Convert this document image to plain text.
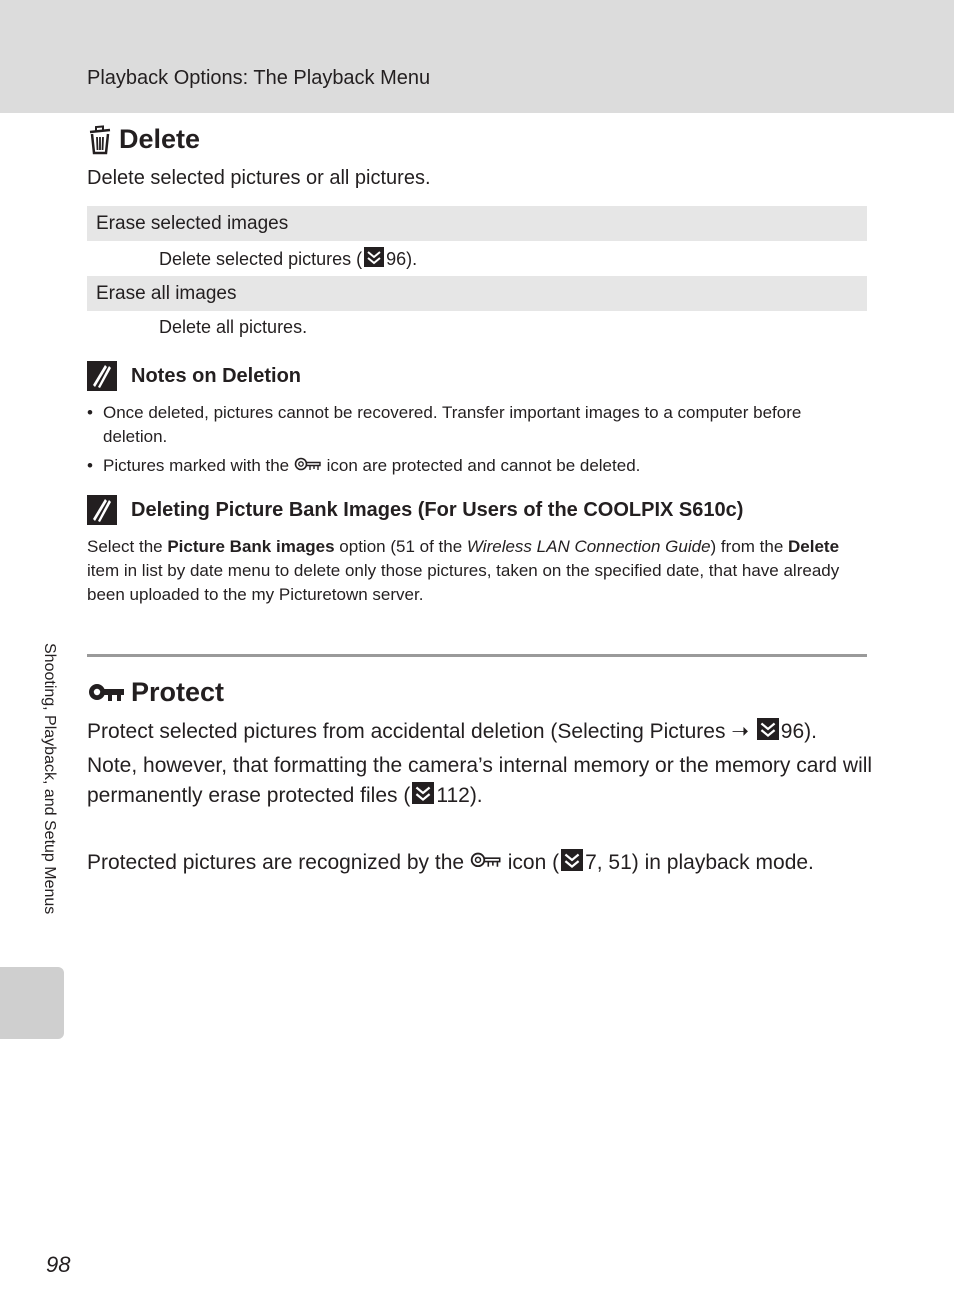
Playback Options: The Playback Menu
Delete
Delete selected pictures or all pictures.
Erase selected images
Delete selected pictures ( 96).
Erase all images
Delete all pictures.
Notes on Deletion
• Once deleted, pictures cannot be recovered. Transfer important images to a computer before deletion.
• Pictures marked with the  icon are protected and cannot be deleted.
Deleting Picture Bank Images (For Users of the COOLPIX S610c)
Select the Picture Bank images option (51 of the Wireless LAN Connection Guide) from the Delete item in list by date menu to delete only those pictures, taken on the specified date, that have already been uploaded to the my Picturetown server.
Protect
Protect selected pictures from accidental deletion (Selecting Pictures ➝ 96).
Note, however, that formatting the camera’s internal memory or the memory card will permanently erase protected files ( 112).
Protected pictures are recognized by the  icon ( 7, 51) in playback mode.
Shooting, Playback, and Setup Menus
98
